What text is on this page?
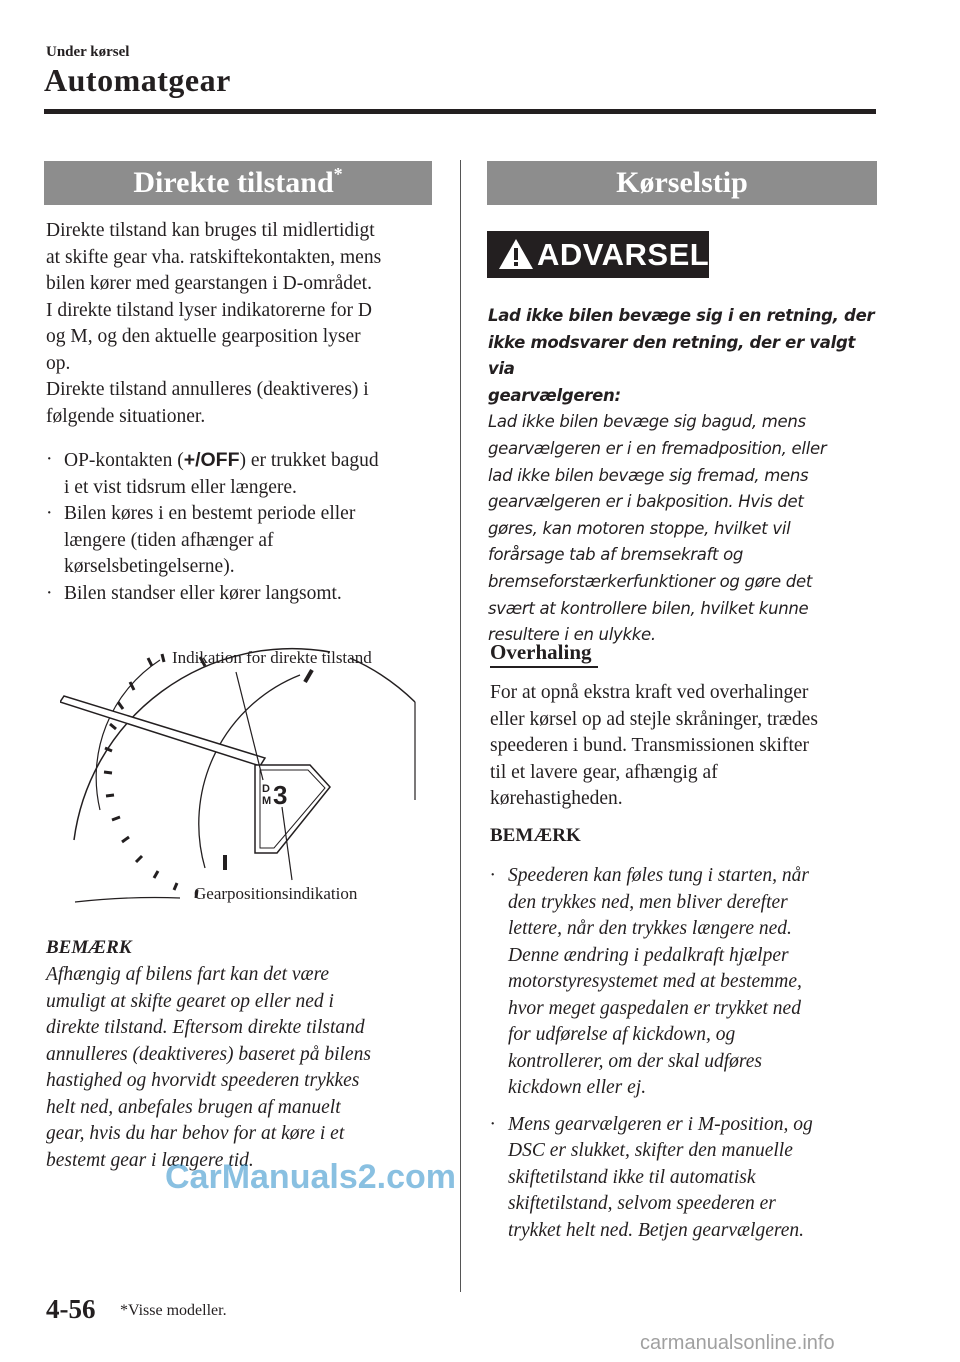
Under kørsel
Automatgear
Direkte tilstand*
Direkte tilstand kan bruges til midlertidigt
at skifte gear vha. ratskiftekontakten, mens
bilen kører med gearstangen i D-området.
I direkte tilstand lyser indikatorerne for D
og M, og den aktuelle gearposition lyser
op.
Direkte tilstand annulleres (deaktiveres) i
følgende situationer.
· OP-kontakten (+/OFF) er trukket bagud
i et vist tidsrum eller længere.
· Bilen køres i en bestemt periode eller
længere (tiden afhænger af
kørselsbetingelserne).
· Bilen standser eller kører langsomt.
D
M 3
Indikation for direkte tilstand
Gearpositionsindikation
BEMÆRK
Afhængig af bilens fart kan det være
umuligt at skifte gearet op eller ned i
direkte tilstand. Eftersom direkte tilstand
annulleres (deaktiveres) baseret på bilens
hastighed og hvorvidt speederen trykkes
helt ned, anbefales brugen af manuelt
gear, hvis du har behov for at køre i et
bestemt gear i længere tid.
Kørselstip
ADVARSEL
Lad ikke bilen bevæge sig i en retning, der
ikke modsvarer den retning, der er valgt via
gearvælgeren:
Lad ikke bilen bevæge sig bagud, mens
gearvælgeren er i en fremadposition, eller
lad ikke bilen bevæge sig fremad, mens
gearvælgeren er i bakposition. Hvis det
gøres, kan motoren stoppe, hvilket vil
forårsage tab af bremsekraft og
bremseforstærkerfunktioner og gøre det
svært at kontrollere bilen, hvilket kunne
resultere i en ulykke.
Overhaling
For at opnå ekstra kraft ved overhalinger
eller kørsel op ad stejle skråninger, trædes
speederen i bund. Transmissionen skifter
til et lavere gear, afhængig af
kørehastigheden.
BEMÆRK
· Speederen kan føles tung i starten, når
den trykkes ned, men bliver derefter
lettere, når den trykkes længere ned.
Denne ændring i pedalkraft hjælper
motorstyresystemet med at bestemme,
hvor meget gaspedalen er trykket ned
for udførelse af kickdown, og
kontrollerer, om der skal udføres
kickdown eller ej.
· Mens gearvælgeren er i M-position, og
DSC er slukket, skifter den manuelle
skiftetilstand ikke til automatisk
skiftetilstand, selvom speederen er
trykket helt ned. Betjen gearvælgeren.
4-56 *Visse modeller.
CarManuals2.com
carmanualsonline.info
